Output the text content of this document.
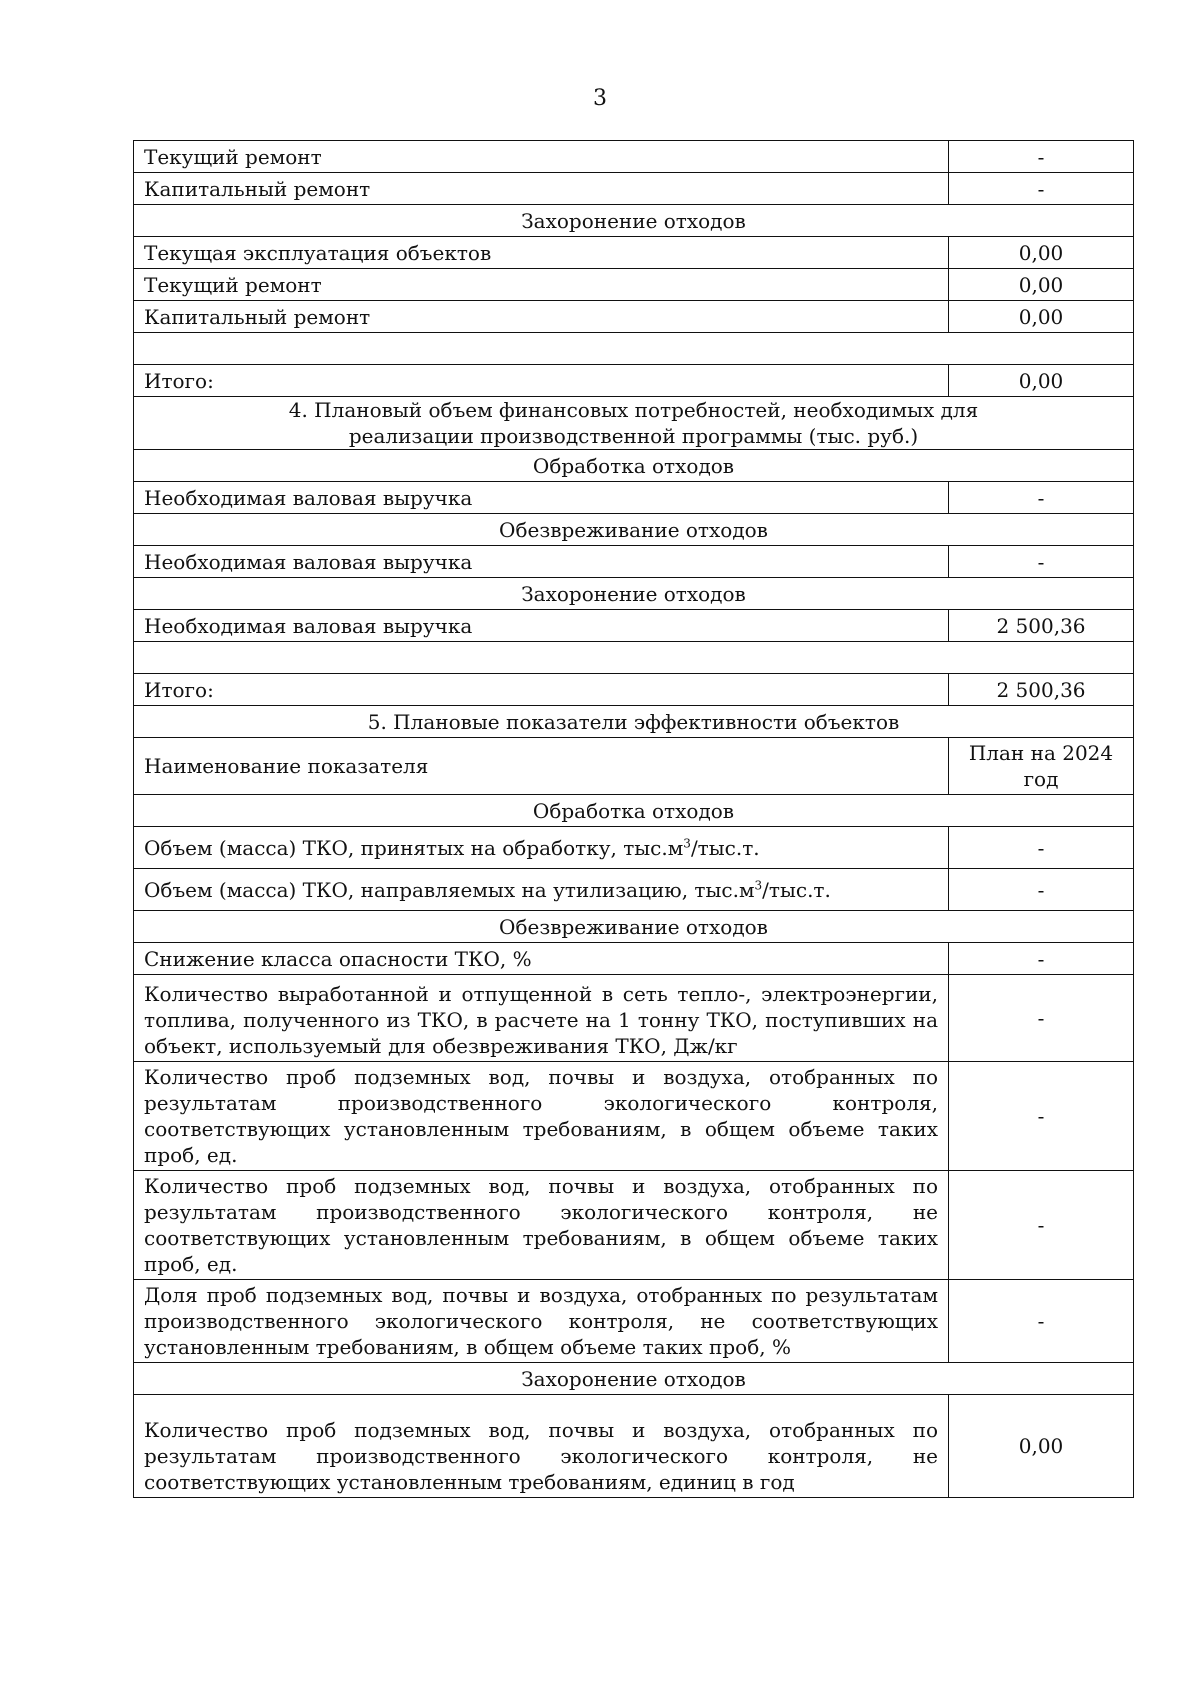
3
Текущий ремонт	-
Капитальный ремонт	-
Захоронение отходов	
Текущая эксплуатация объектов	0,00
Текущий ремонт	0,00
Капитальный ремонт	0,00

Итого:	0,00
4. Плановый объем финансовых потребностей, необходимых для реализации производственной программы (тыс. руб.)	
Обработка отходов	
Необходимая валовая выручка	-
Обезвреживание отходов	
Необходимая валовая выручка	-
Захоронение отходов	
Необходимая валовая выручка	2 500,36

Итого:	2 500,36
5. Плановые показатели эффективности объектов	
Наименование показателя	План на 2024 год
Обработка отходов	
Объем (масса) ТКО, принятых на обработку, $тыс.м^3/тыс.т$.	-
Объем (масса) ТКО, направляемых на утилизацию, $тыс.м^3/тыс.т$.	-
Обезвреживание отходов	
Снижение класса опасности ТКО, %	-
Количество выработанной и отпущенной в сеть тепло-, электроэнергии, топлива, полученного из ТКО, в расчете на 1 тонну ТКО, поступивших на объект, используемый для обезвреживания ТКО, Дж/кг	-
Количество проб подземных вод, почвы и воздуха, отобранных по результатам производственного экологического контроля, соответствующих установленным требованиям, в общем объеме таких проб, ед.	-
Количество проб подземных вод, почвы и воздуха, отобранных по результатам производственного экологического контроля, не соответствующих установленным требованиям, в общем объеме таких проб, ед.	-
Доля проб подземных вод, почвы и воздуха, отобранных по результатам производственного экологического контроля, не соответствующих установленным требованиям, в общем объеме таких проб, %	-
Захоронение отходов	
Количество проб подземных вод, почвы и воздуха, отобранных по результатам производственного экологического контроля, не соответствующих установленным требованиям, единиц в год	0,00
